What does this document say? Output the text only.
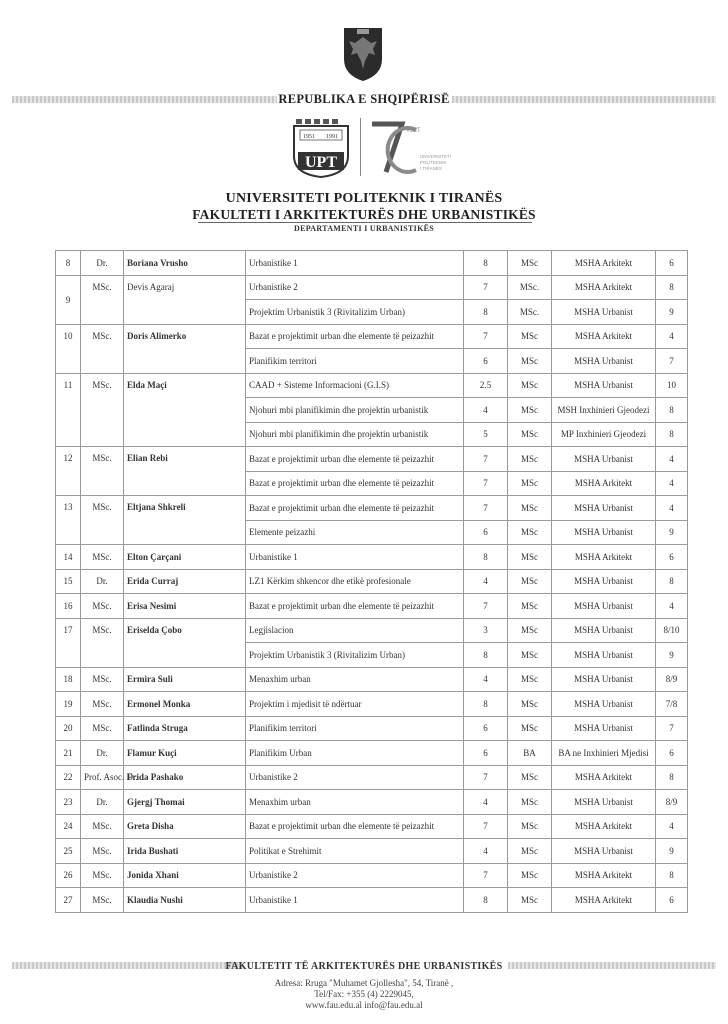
REPUBLIKA E SHQIPËRISË
1951 1991
UPT
VJET
UNIVERSITETI
POLITEKNIK
I TIRANËS
UNIVERSITETI POLITEKNIK I TIRANËS
FAKULTETI I ARKITEKTURËS DHE URBANISTIKËS
DEPARTAMENTI I URBANISTIKËS
8	Dr.	Boriana Vrusho	Urbanistike 1	8	MSc	MSHA Arkitekt	6
9	MSc.	Devis Agaraj	Urbanistike 2	7	MSc.	MSHA Arkitekt	8
			Projektim Urbanistik 3 (Rivitalizim Urban)	8	MSc.	MSHA Urbanist	9
10	MSc.	Doris Alimerko	Bazat e projektimit urban dhe elemente të peizazhit	7	MSc	MSHA Arkitekt	4
			Planifikim territori	6	MSc	MSHA Urbanist	7
11	MSc.	Elda Maçi	CAAD + Sisteme Informacioni (G.I.S)	2.5	MSc	MSHA Urbanist	10
			Njohuri mbi planifikimin dhe projektin urbanistik	4	MSc	MSH Inxhinieri Gjeodezi	8
			Njohuri mbi planifikimin dhe projektin urbanistik	5	MSc	MP Inxhinieri Gjeodezi	8
12	MSc.	Elian Rebi	Bazat e projektimit urban dhe elemente të peizazhit	7	MSc	MSHA Urbanist	4
			Bazat e projektimit urban dhe elemente të peizazhit	7	MSc	MSHA Arkitekt	4
13	MSc.	Eltjana Shkreli	Bazat e projektimit urban dhe elemente të peizazhit	7	MSc	MSHA Urbanist	4
			Elemente peizazhi	6	MSc	MSHA Urbanist	9
14	MSc.	Elton Çarçani	Urbanistike 1	8	MSc	MSHA Arkitekt	6
15	Dr.	Erida Curraj	LZ1 Kërkim shkencor dhe etikë profesionale	4	MSc	MSHA Urbanist	8
16	MSc.	Erisa Nesimi	Bazat e projektimit urban dhe elemente të peizazhit	7	MSc	MSHA Urbanist	4
17	MSc.	Eriselda Çobo	Legjislacion	3	MSc	MSHA Urbanist	8/10
			Projektim Urbanistik 3 (Rivitalizim Urban)	8	MSc	MSHA Urbanist	9
18	MSc.	Ermira Suli	Menaxhim urban	4	MSc	MSHA Urbanist	8/9
19	MSc.	Ermonel Monka	Projektim i mjedisit të ndërtuar	8	MSc	MSHA Urbanist	7/8
20	MSc.	Fatlinda Struga	Planifikim territori	6	MSc	MSHA Urbanist	7
21	Dr.	Flamur Kuçi	Planifikim Urban	6	BA	BA ne Inxhinieri Mjedisi	6
22	Prof. Asoc. Dr.	Frida Pashako	Urbanistike 2	7	MSc	MSHA Arkitekt	8
23	Dr.	Gjergj Thomai	Menaxhim urban	4	MSc	MSHA Urbanist	8/9
24	MSc.	Greta Disha	Bazat e projektimit urban dhe elemente të peizazhit	7	MSc	MSHA Arkitekt	4
25	MSc.	Irida Bushati	Politikat e Strehimit	4	MSc	MSHA Urbanist	9
26	MSc.	Jonida Xhani	Urbanistike 2	7	MSc	MSHA Arkitekt	8
27	MSc.	Klaudia Nushi	Urbanistike 1	8	MSc	MSHA Arkitekt	6
FAKULTETIT TË ARKITEKTURËS DHE URBANISTIKËS
Adresa: Rruga "Muhamet Gjollesha", 54, Tiranë ,
Tel/Fax: +355 (4) 2229045,
www.fau.edu.al info@fau.edu.al
